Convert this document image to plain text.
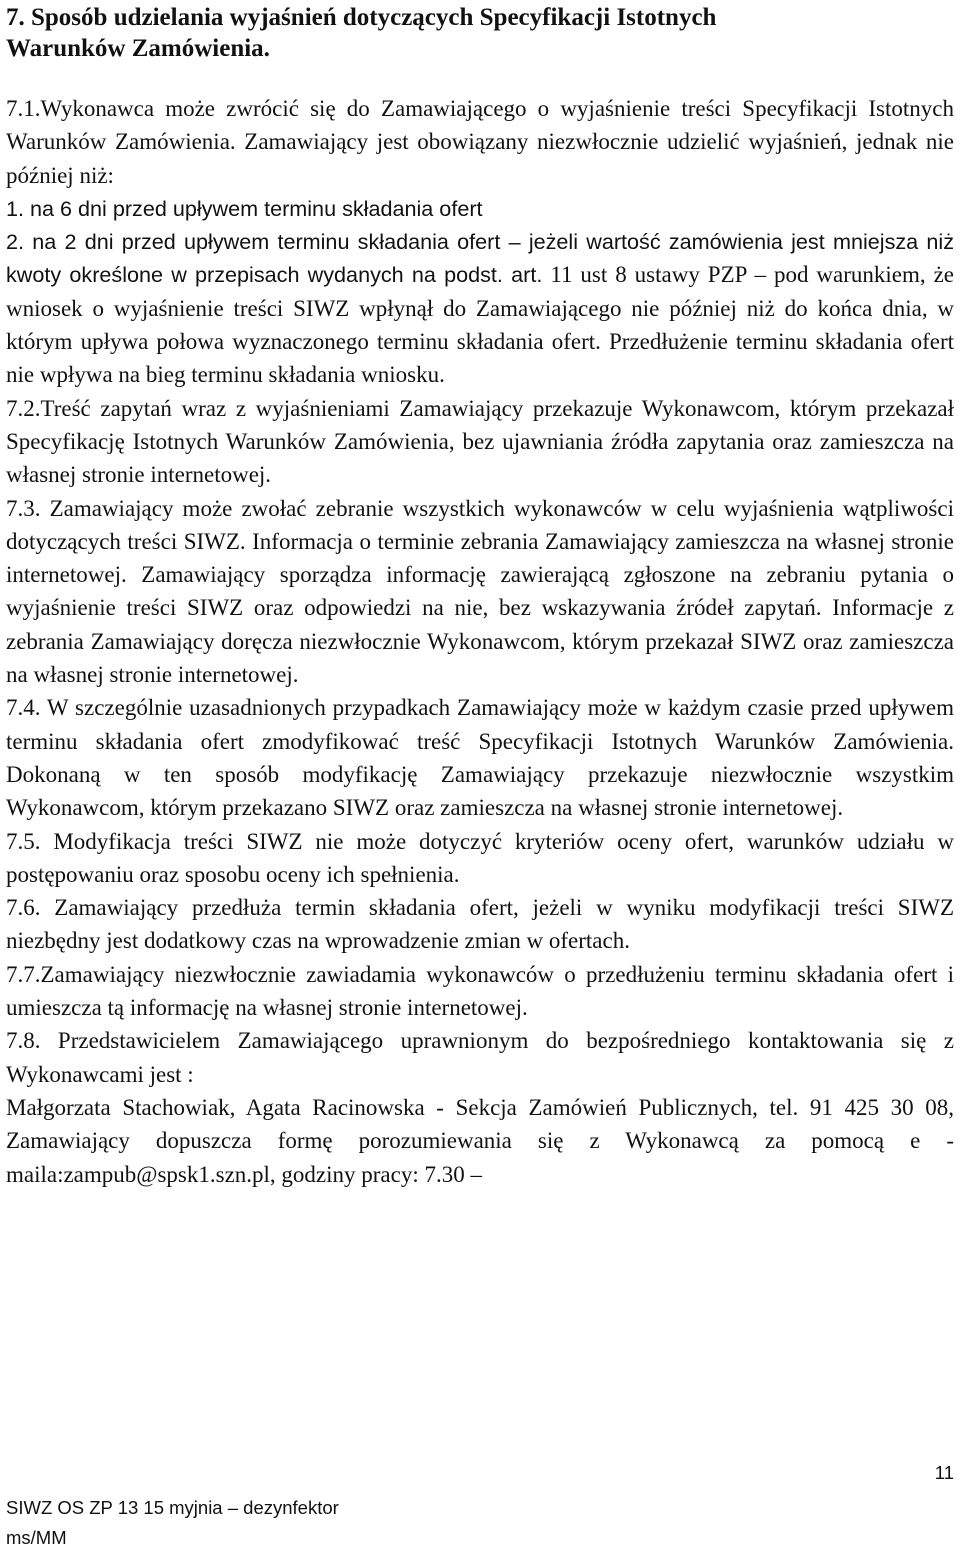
7. Sposób udzielania wyjaśnień dotyczących Specyfikacji Istotnych
Warunków Zamówienia.

7.1.Wykonawca może zwrócić się do Zamawiającego o wyjaśnienie treści Specyfikacji Istotnych Warunków Zamówienia. Zamawiający jest obowiązany niezwłocznie udzielić wyjaśnień, jednak nie później niż:

1. na 6 dni przed upływem terminu składania ofert

2. na 2 dni przed upływem terminu składania ofert – jeżeli wartość zamówienia jest mniejsza niż kwoty określone w przepisach wydanych na podst. art. 11 ust 8 ustawy PZP – pod warunkiem, że wniosek o wyjaśnienie treści SIWZ wpłynął do Zamawiającego nie później niż do końca dnia, w którym upływa połowa wyznaczonego terminu składania ofert. Przedłużenie terminu składania ofert nie wpływa na bieg terminu składania wniosku.

7.2.Treść zapytań wraz z wyjaśnieniami Zamawiający przekazuje Wykonawcom, którym przekazał Specyfikację Istotnych Warunków Zamówienia, bez ujawniania źródła zapytania oraz zamieszcza na własnej stronie internetowej.

7.3. Zamawiający może zwołać zebranie wszystkich wykonawców w celu wyjaśnienia wątpliwości dotyczących treści SIWZ. Informacja o terminie zebrania Zamawiający zamieszcza na własnej stronie internetowej. Zamawiający sporządza informację zawierającą zgłoszone na zebraniu pytania o wyjaśnienie treści SIWZ oraz odpowiedzi na nie, bez wskazywania źródeł zapytań. Informacje z zebrania Zamawiający doręcza niezwłocznie Wykonawcom, którym przekazał SIWZ oraz zamieszcza na własnej stronie internetowej.

7.4. W szczególnie uzasadnionych przypadkach Zamawiający może w każdym czasie przed upływem terminu składania ofert zmodyfikować treść Specyfikacji Istotnych Warunków Zamówienia. Dokonaną w ten sposób modyfikację Zamawiający przekazuje niezwłocznie wszystkim Wykonawcom, którym przekazano SIWZ oraz zamieszcza na własnej stronie internetowej.

7.5. Modyfikacja treści SIWZ nie może dotyczyć kryteriów oceny ofert, warunków udziału w postępowaniu oraz sposobu oceny ich spełnienia.

7.6. Zamawiający przedłuża termin składania ofert, jeżeli w wyniku modyfikacji treści SIWZ niezbędny jest dodatkowy czas na wprowadzenie zmian w ofertach.

7.7.Zamawiający niezwłocznie zawiadamia wykonawców o przedłużeniu terminu składania ofert i umieszcza tą informację na własnej stronie internetowej.

7.8. Przedstawicielem Zamawiającego uprawnionym do bezpośredniego kontaktowania się z Wykonawcami jest :

Małgorzata Stachowiak, Agata Racinowska - Sekcja Zamówień Publicznych, tel. 91 425 30 08, Zamawiający dopuszcza formę porozumiewania się z Wykonawcą za pomocą e -maila:zampub@spsk1.szn.pl, godziny pracy: 7.30 –

11
SIWZ OS ZP 13 15 myjnia – dezynfektor
ms/MM
